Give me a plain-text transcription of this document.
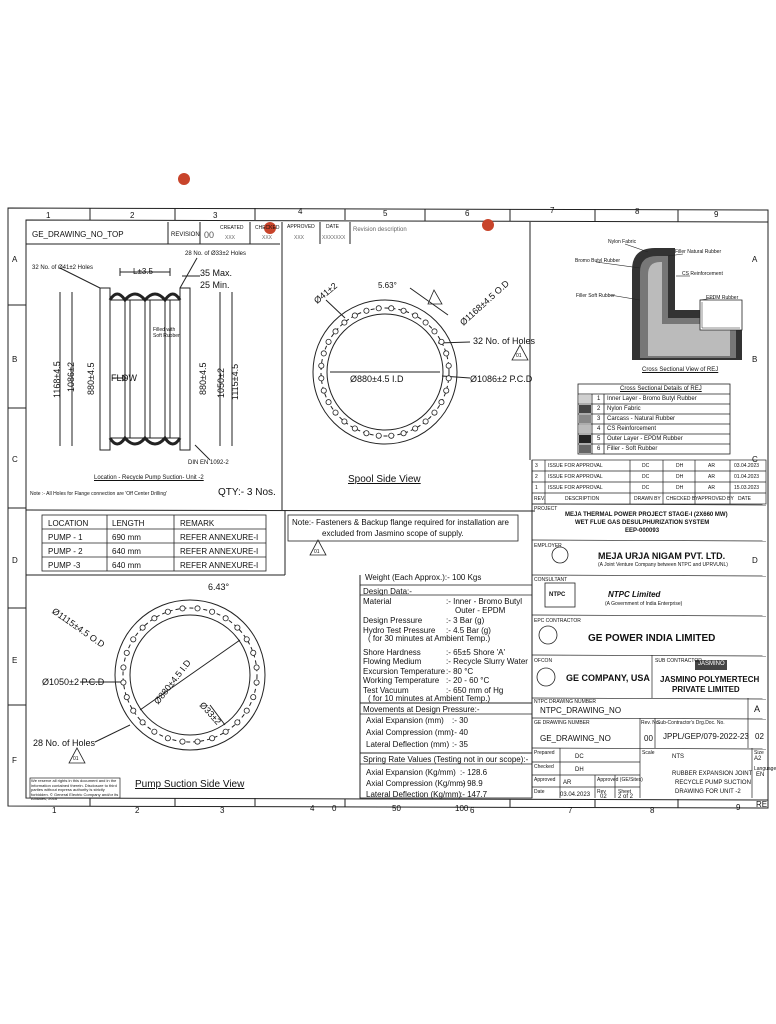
1	2	3	4	5	6	7	8	9
A
B
C
D
E
F
A
B
C
D
1	2	3	4 0	50	100 6	7	8	9 RE
GE_DRAWING_NO_TOP	REVISION 00
CREATED
XXX
CHECKED
XXX
APPROVED
XXX
DATE
XXXXXXX
Revision description
32 No. of Ø41±2 Holes
28 No. of Ø33±2 Holes
L±3.5	35 Max.
25 Min.
Filled with Soft Rubber
FLOW
1168±4.5 1086±2 880±4.5	880±4.5 1050±2 1115±4.5
DIN EN 1092-2
Location - Recycle Pump Suction- Unit -2
Note :- All Holes for Flange connection are 'Off Center Drilling'	QTY:- 3 Nos.
Ø41±2	5.63°	Ø1168±4.5 O.D
32 No. of Holes
Ø880±4.5 I.D	Ø1086±2 P.C.D
Spool Side View
01
Nylon Fabric
Filler Natural Rubber
Bromo Butyl Rubber
CS Reinforcement
Filler Soft Rubber	EPDM Rubber
Cross Sectional View of REJ
Cross Sectional Details of REJ
1 Inner Layer - Bromo Butyl Rubber
2 Nylon Fabric
3 Carcass - Natural Rubber
4 CS Reinforcement
5 Outer Layer - EPDM Rubber
6 Filler - Soft Rubber
3 ISSUE FOR APPROVAL	DC	DH	AR	03.04.2023
2 ISSUE FOR APPROVAL	DC	DH	AR	01.04.2023
1 ISSUE FOR APPROVAL	DC	DH	AR	15.03.2023
REV.	DESCRIPTION	DRAWN BY CHECKED BY APPROVED BY DATE
PROJECT
MEJA THERMAL POWER PROJECT STAGE-I (2X660 MW)
WET FLUE GAS DESULPHURIZATION SYSTEM
EEP-000093
EMPLOYER
MEJA URJA NIGAM PVT. LTD.
(A Joint Venture Company between NTPC and UPRVUNL)
CONSULTANT
NTPC	NTPC Limited
(A Government of India Enterprise)
EPC CONTRACTOR
GE POWER INDIA LIMITED
OFCON
GE COMPANY, USA
SUB CONTRACTOR
JASMINO
JASMINO POLYMERTECH
PRIVATE LIMITED
NTPC DRAWING NUMBER
NTPC_DRAWING_NO	A
GE DRAWING NUMBER
GE_DRAWING_NO
Rev. No.
00
Sub-Contractor's Drg.Doc. No.
JPPL/GEP/079-2022-23 02
Prepared
DC
Checked	DH
Approved AR	Approved (GE/Sites)
Date	03.04.2023 Rev
02
Sheet
2 of 2
Scale
NTS
Size
A2
Language
EN
RUBBER EXPANSION JOINT
RECYCLE PUMP SUCTION
DRAWING FOR UNIT -2
LOCATION	LENGTH	REMARK
PUMP - 1	690 mm	REFER ANNEXURE-I
PUMP - 2	640 mm	REFER ANNEXURE-I
PUMP -3	640 mm	REFER ANNEXURE-I
Note:- Fasteners & Backup flange required for installation are
excluded from Jasmino scope of supply.
01
6.43°
Ø1115±4.5 O.D
Ø1050±2 P.C.D	Ø880±4.5 I.D
Ø33±2
28 No. of Holes
01
Pump Suction Side View
We reserve all rights in this document and in the information contained therein. Disclosure to third parties without express authority is strictly forbidden. © General Electric Company and/or its Affiliates, 2016
Weight (Each Approx.):- 100 Kgs
Design Data:-
Material	:- Inner - Bromo Butyl
Outer - EPDM
Design Pressure	:- 3 Bar (g)
Hydro Test Pressure :- 4.5 Bar (g)
( for 30 minutes at Ambient Temp.)
Shore Hardness	:- 65±5 Shore 'A'
Flowing Medium	:- Recycle Slurry Water
Excursion Temperature :- 80 °C
Working Temperature :- 20 - 60 °C
Test Vacuum	:- 650 mm of Hg
( for 10 minutes at Ambient Temp.)
Movements at Design Pressure:-
Axial Expansion (mm) :- 30
Axial Compression (mm)
:- 40
Lateral Deflection (mm) :- 35
Spring Rate Values (Testing not in our scope):-
Axial Expansion (Kg/mm) :- 128.6
Axial Compression (Kg/mm)
:- 98.9
Lateral Deflection (Kg/mm)
:- 147.7
